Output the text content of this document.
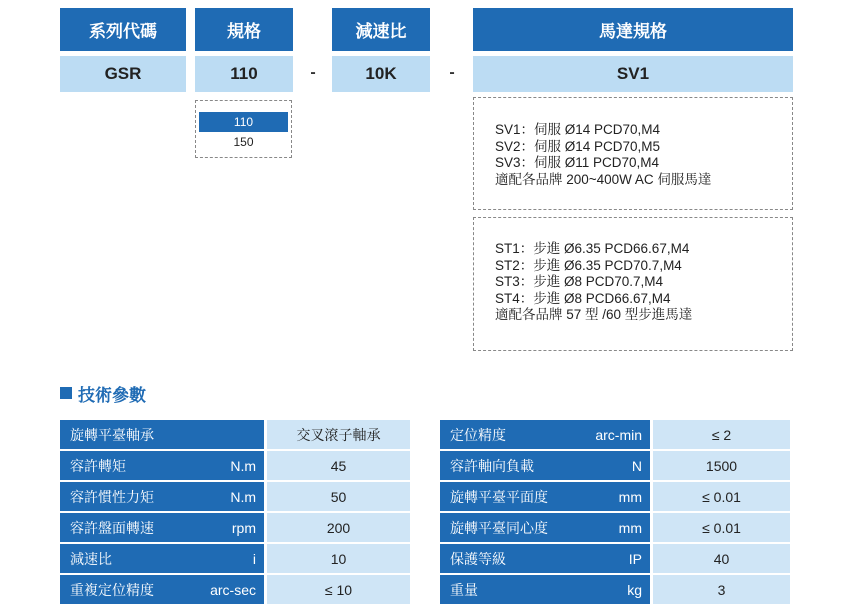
系列代碼	規格	減速比	馬達規格
GSR	110	-	10K	-	SV1
110
150
SV1：伺服 Ø14 PCD70,M4
SV2：伺服 Ø14 PCD70,M5
SV3：伺服 Ø11 PCD70,M4
適配各品牌 200~400W AC 伺服馬達
ST1：步進 Ø6.35 PCD66.67,M4
ST2：步進 Ø6.35 PCD70.7,M4
ST3：步進 Ø8 PCD70.7,M4
ST4：步進 Ø8 PCD66.67,M4
適配各品牌 57 型 /60 型步進馬達
技術參數
旋轉平臺軸承	交叉滾子軸承
容許轉矩	N.m	45
容許慣性力矩	N.m	50
容許盤面轉速	rpm	200
減速比	i	10
重複定位精度	arc-sec	≤ 10
定位精度	arc-min	≤ 2
容許軸向負載	N	1500
旋轉平臺平面度	mm	≤ 0.01
旋轉平臺同心度	mm	≤ 0.01
保護等級	IP	40
重量	kg	3
